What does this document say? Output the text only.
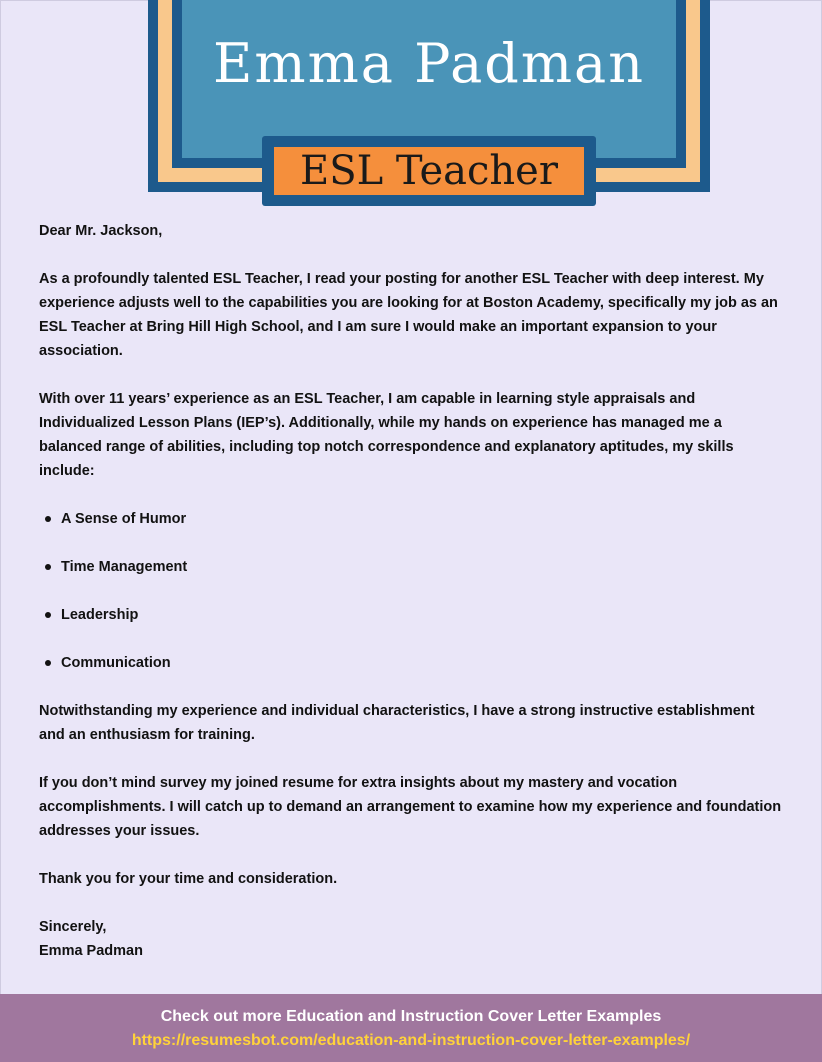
Emma Padman
ESL Teacher

Dear Mr. Jackson,

As a profoundly talented ESL Teacher, I read your posting for another ESL Teacher with deep interest. My experience adjusts well to the capabilities you are looking for at Boston Academy, specifically my job as an ESL Teacher at Bring Hill High School, and I am sure I would make an important expansion to your association.

With over 11 years’ experience as an ESL Teacher, I am capable in learning style appraisals and Individualized Lesson Plans (IEP’s). Additionally, while my hands on experience has managed me a balanced range of abilities, including top notch correspondence and explanatory aptitudes, my skills include:

A Sense of Humor
Time Management
Leadership
Communication

Notwithstanding my experience and individual characteristics, I have a strong instructive establishment and an enthusiasm for training.

If you don’t mind survey my joined resume for extra insights about my mastery and vocation accomplishments. I will catch up to demand an arrangement to examine how my experience and foundation addresses your issues.

Thank you for your time and consideration.

Sincerely,

Emma Padman

Check out more Education and Instruction Cover Letter Examples
https://resumesbot.com/education-and-instruction-cover-letter-examples/
